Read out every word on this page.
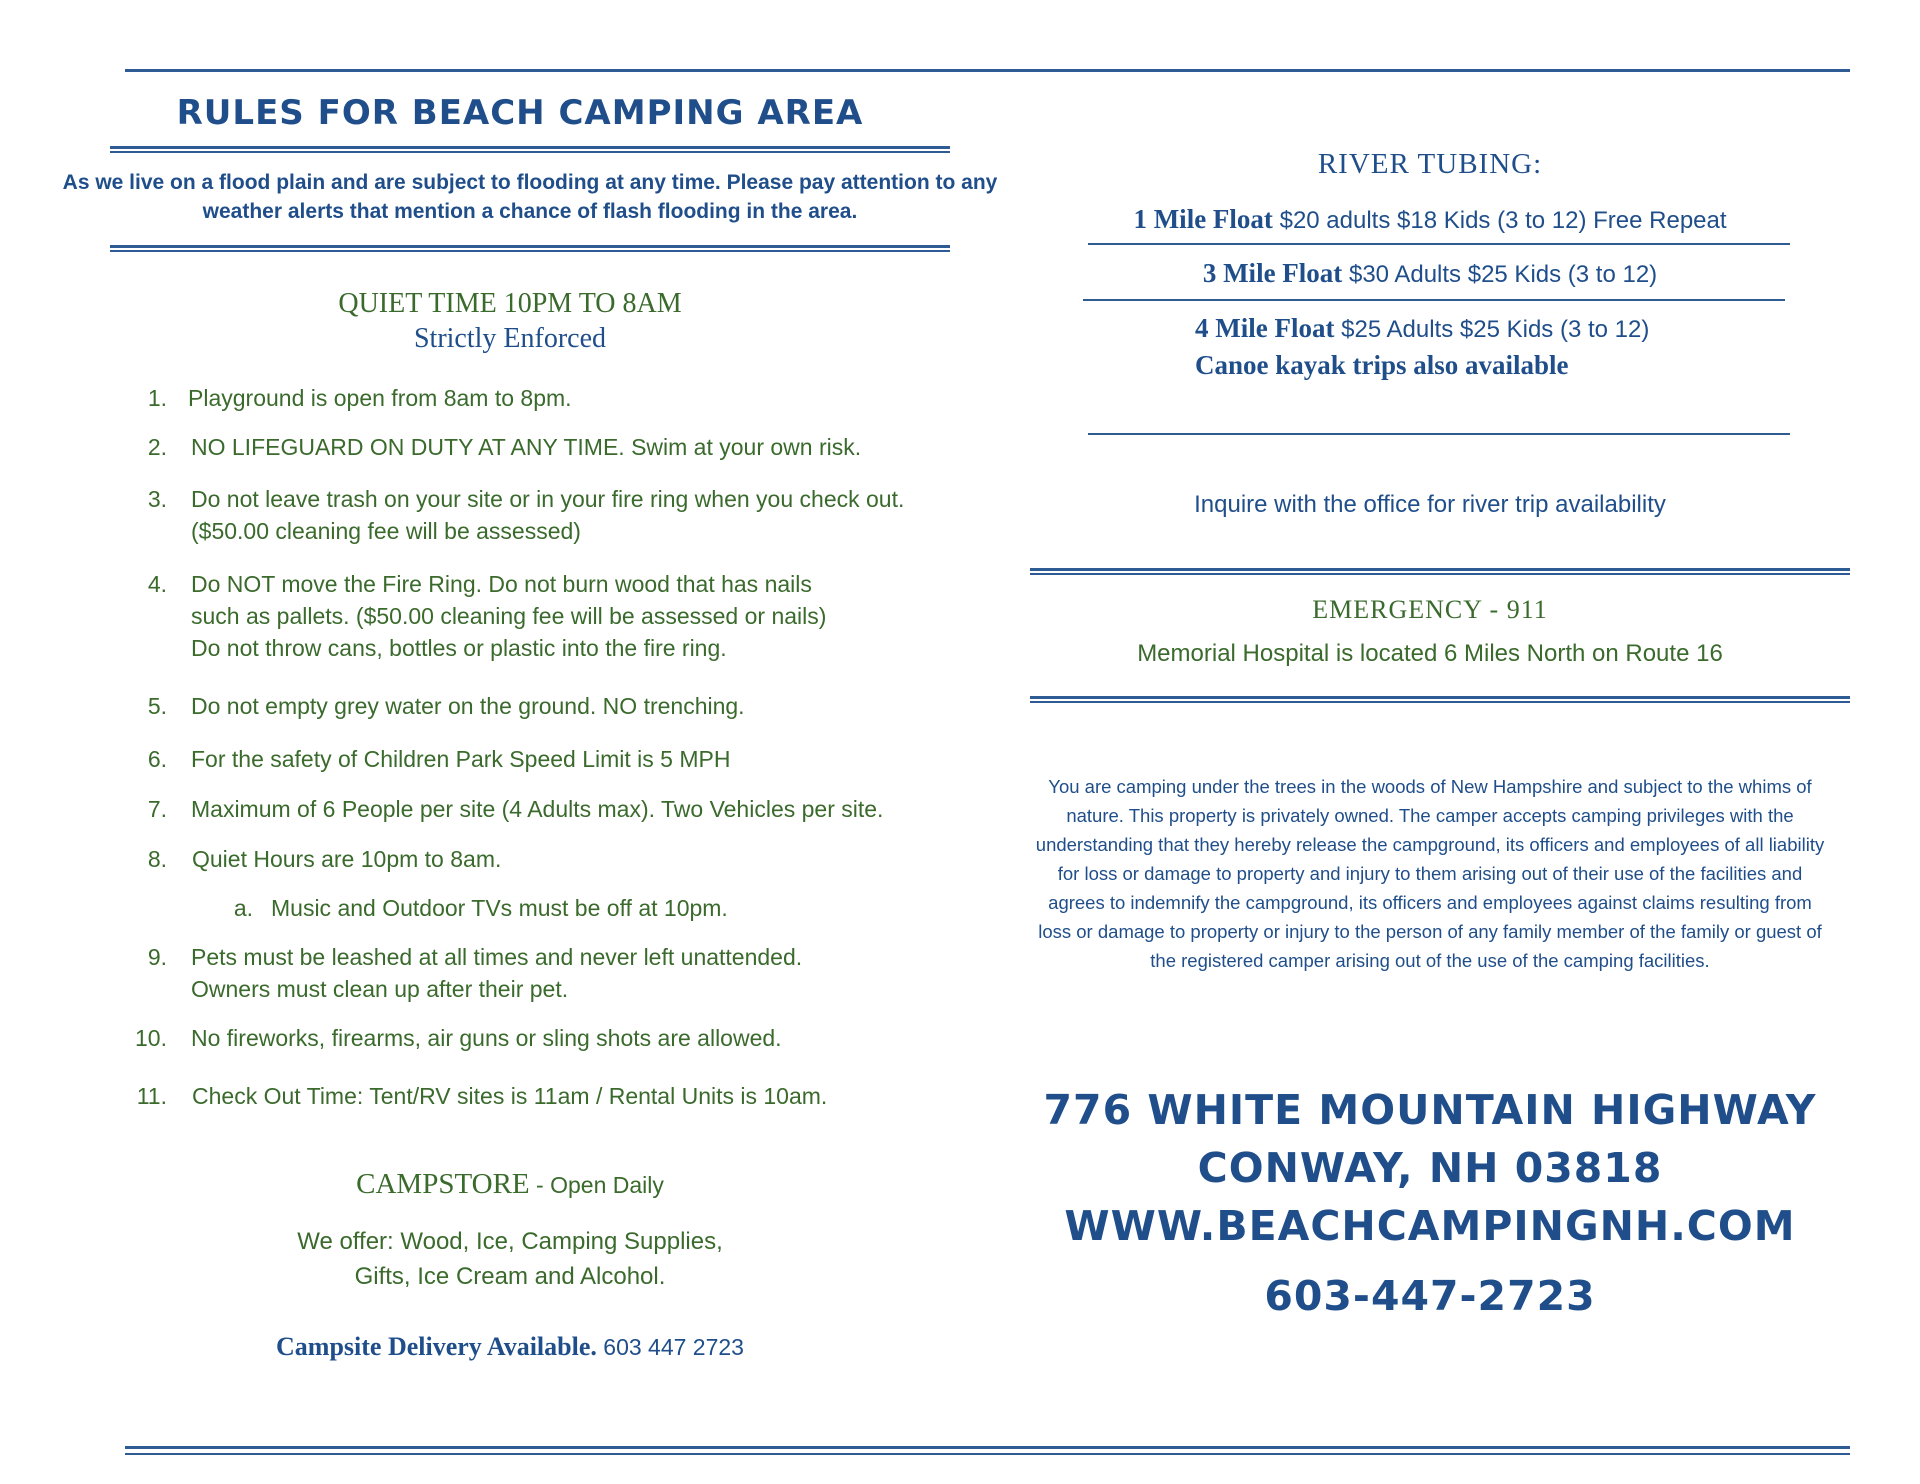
RULES FOR BEACH CAMPING AREA
As we live on a flood plain and are subject to flooding at any time. Please pay attention to any weather alerts that mention a chance of flash flooding in the area.
QUIET TIME 10PM TO 8AM
Strictly Enforced
1. Playground is open from 8am to 8pm.
2. NO LIFEGUARD ON DUTY AT ANY TIME. Swim at your own risk.
3. Do not leave trash on your site or in your fire ring when you check out.
($50.00 cleaning fee will be assessed)
4. Do NOT move the Fire Ring. Do not burn wood that has nails
such as pallets. ($50.00 cleaning fee will be assessed or nails)
Do not throw cans, bottles or plastic into the fire ring.
5. Do not empty grey water on the ground. NO trenching.
6. For the safety of Children Park Speed Limit is 5 MPH
7. Maximum of 6 People per site (4 Adults max). Two Vehicles per site.
8. Quiet Hours are 10pm to 8am.
a. Music and Outdoor TVs must be off at 10pm.
9. Pets must be leashed at all times and never left unattended.
Owners must clean up after their pet.
10. No fireworks, firearms, air guns or sling shots are allowed.
11. Check Out Time: Tent/RV sites is 11am / Rental Units is 10am.
CAMPSTORE - Open Daily
We offer: Wood, Ice, Camping Supplies,
Gifts, Ice Cream and Alcohol.
Campsite Delivery Available. 603 447 2723
RIVER TUBING:
1 Mile Float $20 adults $18 Kids (3 to 12) Free Repeat
3 Mile Float $30 Adults $25 Kids (3 to 12)
4 Mile Float $25 Adults $25 Kids (3 to 12)
Canoe kayak trips also available
Inquire with the office for river trip availability
EMERGENCY - 911
Memorial Hospital is located 6 Miles North on Route 16
You are camping under the trees in the woods of New Hampshire and subject to the whims of nature. This property is privately owned. The camper accepts camping privileges with the understanding that they hereby release the campground, its officers and employees of all liability for loss or damage to property and injury to them arising out of their use of the facilities and agrees to indemnify the campground, its officers and employees against claims resulting from loss or damage to property or injury to the person of any family member of the family or guest of the registered camper arising out of the use of the camping facilities.
776 WHITE MOUNTAIN HIGHWAY
CONWAY, NH 03818
WWW.BEACHCAMPINGNH.COM
603-447-2723
